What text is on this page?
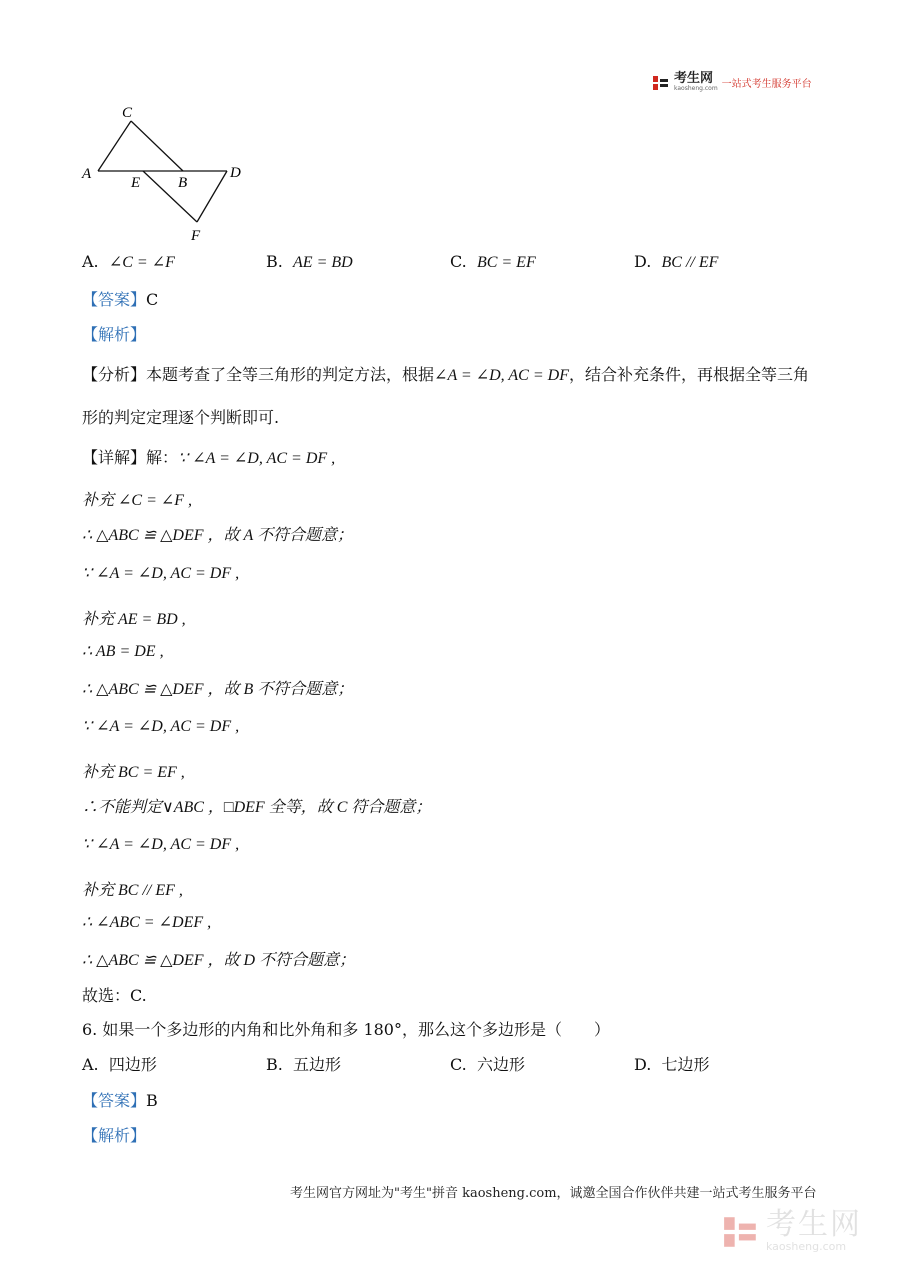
考生网
kaosheng.com 一站式考生服务平台
C
A
E	B
D
F
A. ∠C = ∠F	B. AE = BD	C. BC = EF	D. BC // EF
【答案】C
【解析】
【分析】本题考查了全等三角形的判定方法，根据∠A = ∠D, AC = DF，结合补充条件，再根据全等三角
形的判定定理逐个判断即可.
【详解】解：∵ ∠A = ∠D, AC = DF ,
补充 ∠C = ∠F ,
∴ △ABC ≌ △DEF ，故 A 不符合题意；
∵ ∠A = ∠D, AC = DF ,
补充 AE = BD ,
∴ AB = DE ,
∴ △ABC ≌ △DEF ，故 B 不符合题意；
∵ ∠A = ∠D, AC = DF ,
补充 BC = EF ,
∴不能判定∨ABC ，□DEF 全等，故 C 符合题意；
∵ ∠A = ∠D, AC = DF ,
补充 BC // EF ,
∴ ∠ABC = ∠DEF ,
∴ △ABC ≌ △DEF ，故 D 不符合题意；
故选：C.
6. 如果一个多边形的内角和比外角和多 180°，那么这个多边形是（　　）
A. 四边形	B. 五边形	C. 六边形	D. 七边形
【答案】B
【解析】
考生网官方网址为"考生"拼音 kaosheng.com，诚邀全国合作伙伴共建一站式考生服务平台
考生网
kaosheng.com
